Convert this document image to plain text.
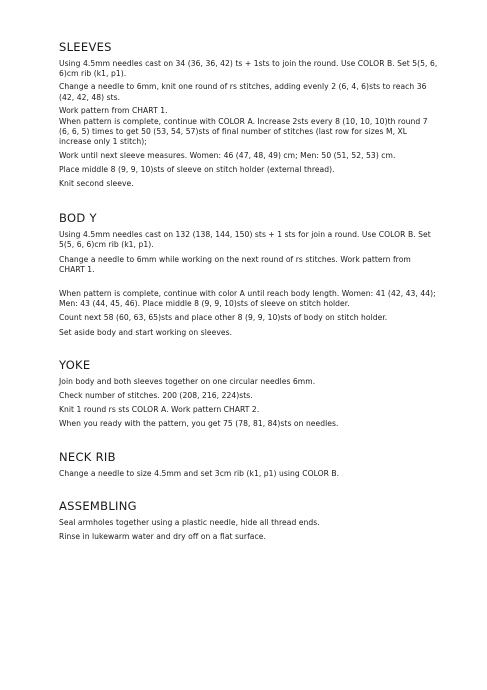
SLEEVES

Using 4.5mm needles cast on 34 (36, 36, 42) ts + 1sts to join the round. Use COLOR B. Set 5(5, 6, 6)cm rib (k1, p1).

Change a needle to 6mm, knit one round of rs stitches, adding evenly 2 (6, 4, 6)sts to reach 36 (42, 42, 48) sts.

Work pattern from CHART 1.

When pattern is complete, continue with COLOR A. Increase 2sts every 8 (10, 10, 10)th round 7 (6, 6, 5) times to get 50 (53, 54, 57)sts of final number of stitches (last row for sizes M, XL increase only 1 stitch);

Work until next sleeve measures. Women: 46 (47, 48, 49) cm; Men: 50 (51, 52, 53) cm.

Place middle 8 (9, 9, 10)sts of sleeve on stitch holder (external thread).

Knit second sleeve.

BOD Y

Using 4.5mm needles cast on 132 (138, 144, 150) sts + 1 sts for join a round. Use COLOR B. Set 5(5, 6, 6)cm rib (k1, p1).

Change a needle to 6mm while working on the next round of rs stitches. Work pattern from CHART 1.

When pattern is complete, continue with color A until reach body length. Women: 41 (42, 43, 44); Men: 43 (44, 45, 46). Place middle 8 (9, 9, 10)sts of sleeve on stitch holder.

Count next 58 (60, 63, 65)sts and place other 8 (9, 9, 10)sts of body on stitch holder.

Set aside body and start working on sleeves.

YOKE

Join body and both sleeves together on one circular needles 6mm.

Check number of stitches. 200 (208, 216, 224)sts.

Knit 1 round rs sts COLOR A. Work pattern CHART 2.

When you ready with the pattern, you get 75 (78, 81, 84)sts on needles.

NECK RIB

Change a needle to size 4.5mm and set 3cm rib (k1, p1) using COLOR B.

ASSEMBLING

Seal armholes together using a plastic needle, hide all thread ends.

Rinse in lukewarm water and dry off on a flat surface.
